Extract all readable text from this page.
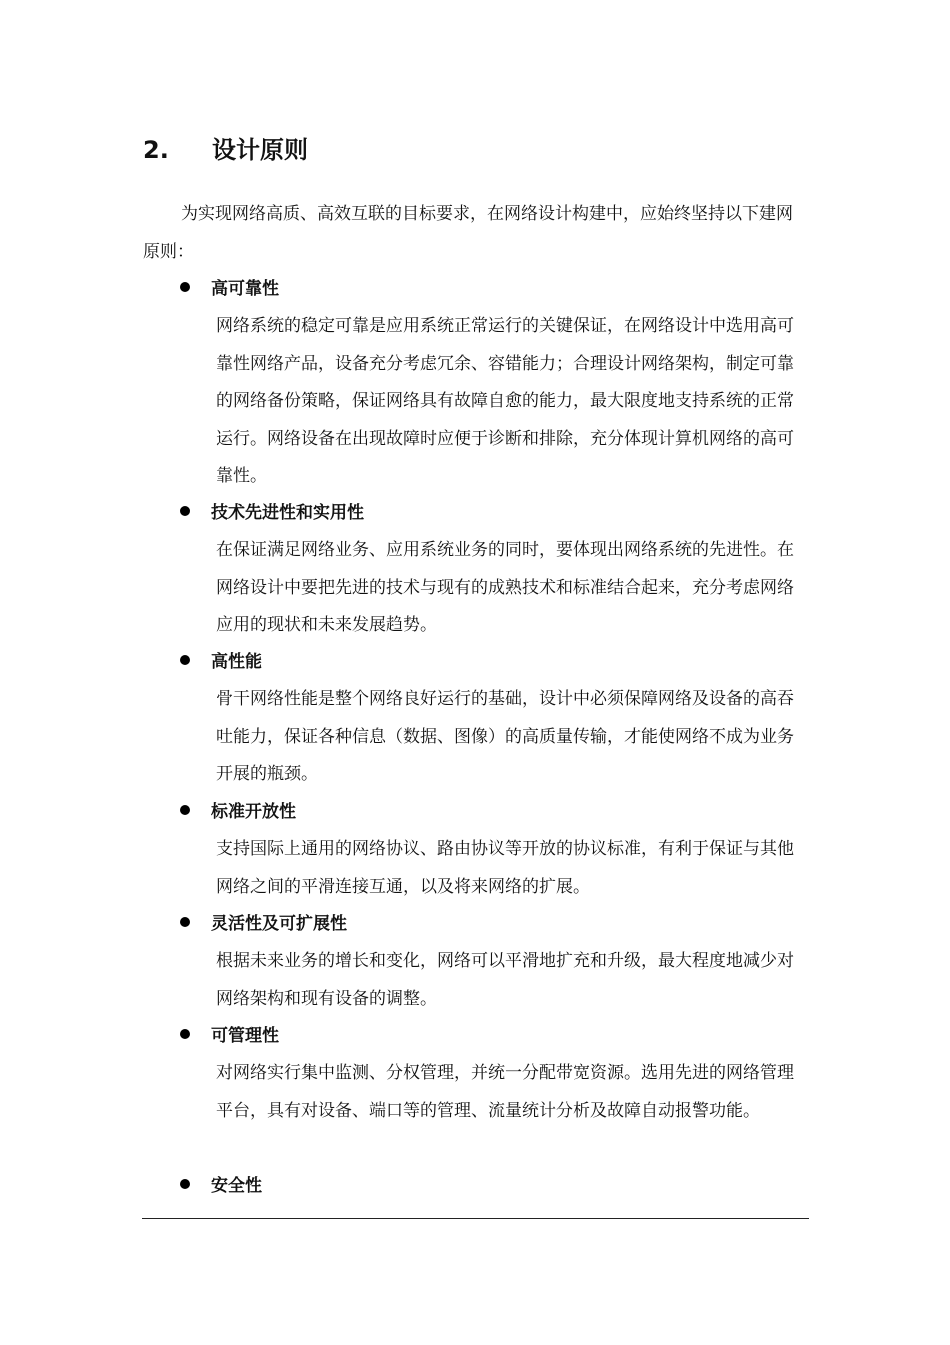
2. 设计原则

为实现网络高质、高效互联的目标要求，在网络设计构建中，应始终坚持以下建网原则：

高可靠性

网络系统的稳定可靠是应用系统正常运行的关键保证，在网络设计中选用高可靠性网络产品，设备充分考虑冗余、容错能力；合理设计网络架构，制定可靠的网络备份策略，保证网络具有故障自愈的能力，最大限度地支持系统的正常运行。网络设备在出现故障时应便于诊断和排除，充分体现计算机网络的高可靠性。

技术先进性和实用性

在保证满足网络业务、应用系统业务的同时，要体现出网络系统的先进性。在网络设计中要把先进的技术与现有的成熟技术和标准结合起来，充分考虑网络应用的现状和未来发展趋势。

高性能

骨干网络性能是整个网络良好运行的基础，设计中必须保障网络及设备的高吞吐能力，保证各种信息（数据、图像）的高质量传输，才能使网络不成为业务开展的瓶颈。

标准开放性

支持国际上通用的网络协议、路由协议等开放的协议标准，有利于保证与其他网络之间的平滑连接互通，以及将来网络的扩展。

灵活性及可扩展性

根据未来业务的增长和变化，网络可以平滑地扩充和升级，最大程度地减少对网络架构和现有设备的调整。

可管理性

对网络实行集中监测、分权管理，并统一分配带宽资源。选用先进的网络管理平台，具有对设备、端口等的管理、流量统计分析及故障自动报警功能。

安全性
